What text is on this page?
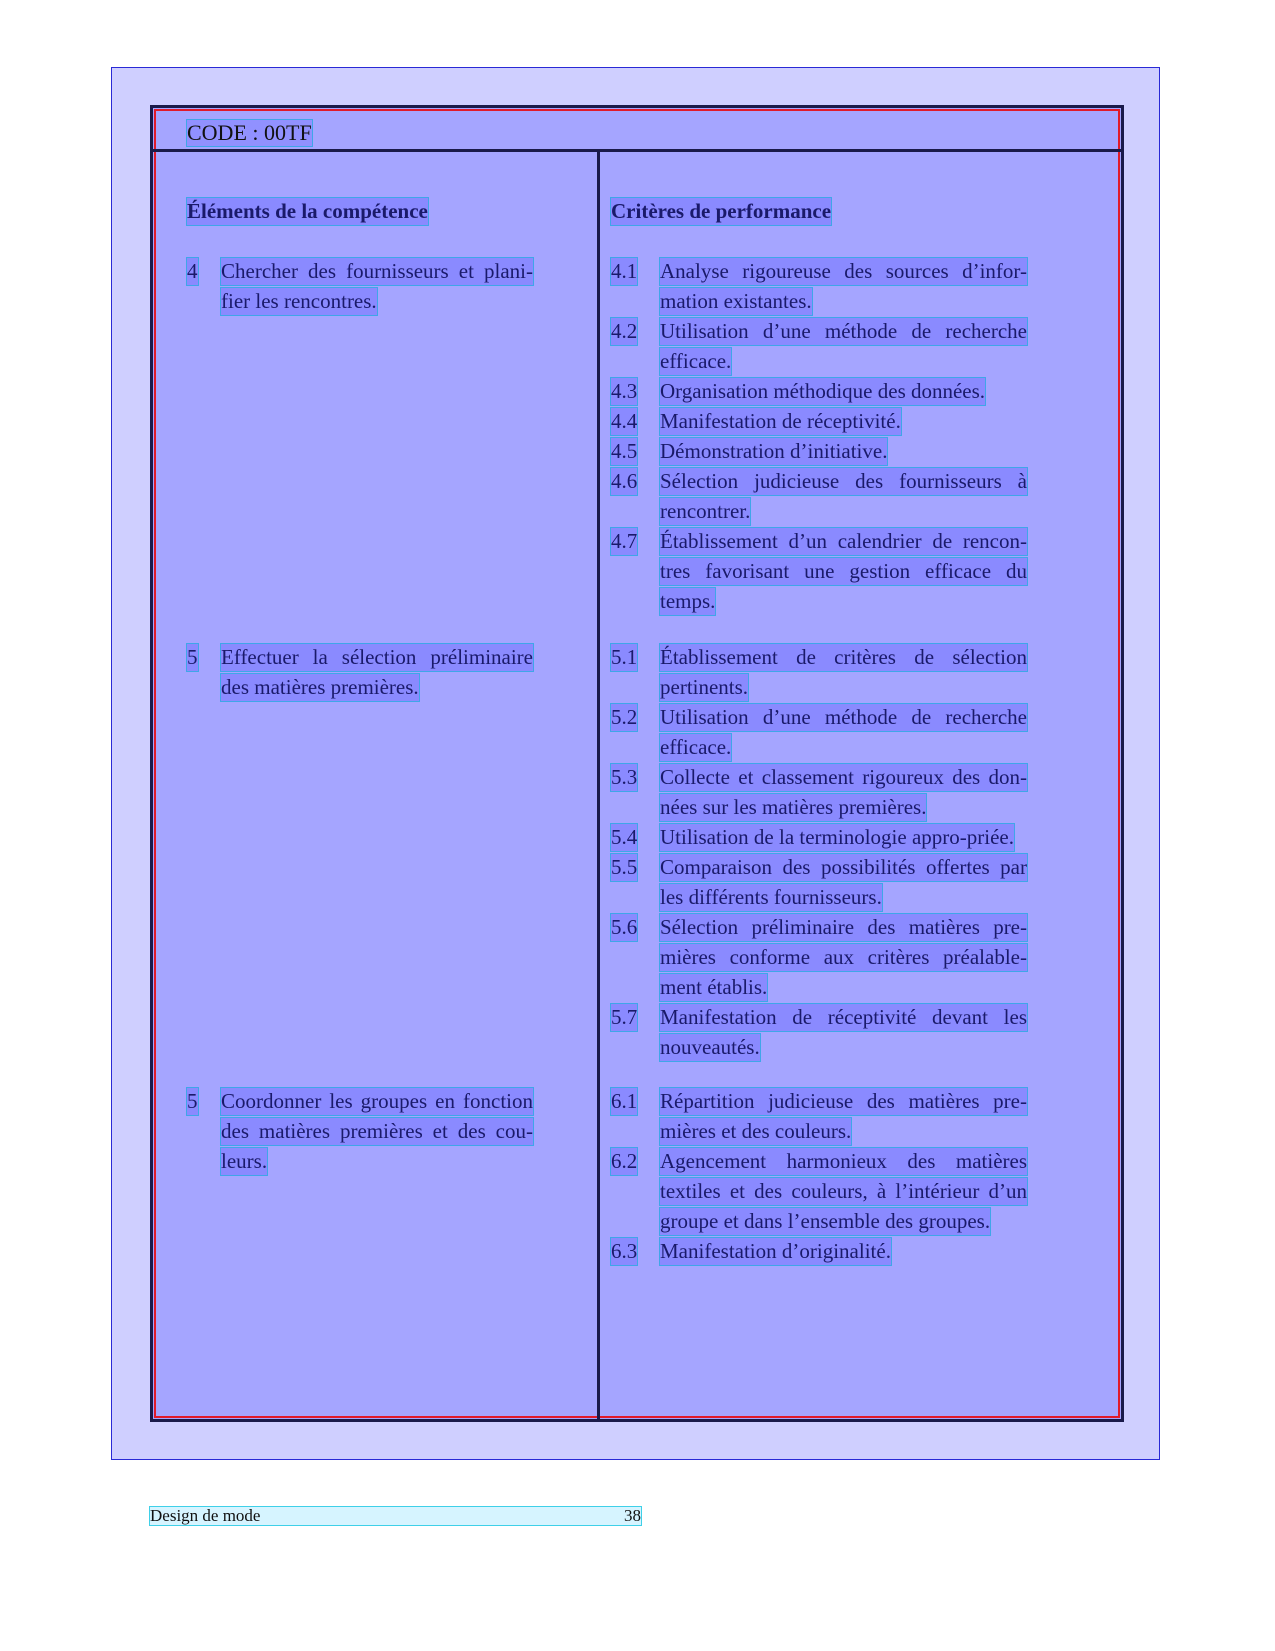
CODE : 00TF
Éléments de la compétence	Critères de performance
4 Chercher des fournisseurs et plani-
fier les rencontres.
4.1 Analyse rigoureuse des sources d’infor-
mation existantes.
4.2 Utilisation d’une méthode de recherche
efficace.
4.3 Organisation méthodique des données.
4.4 Manifestation de réceptivité.
4.5 Démonstration d’initiative.
4.6 Sélection judicieuse des fournisseurs à
rencontrer.
4.7 Établissement d’un calendrier de rencon-
tres favorisant une gestion efficace du
temps.
5 Effectuer la sélection préliminaire
des matières premières.
5.1 Établissement de critères de sélection
pertinents.
5.2 Utilisation d’une méthode de recherche
efficace.
5.3 Collecte et classement rigoureux des don-
nées sur les matières premières.
5.4 Utilisation de la terminologie appro-priée.
5.5 Comparaison des possibilités offertes par
les différents fournisseurs.
5.6 Sélection préliminaire des matières pre-
mières conforme aux critères préalable-
ment établis.
5.7 Manifestation de réceptivité devant les
nouveautés.
5 Coordonner les groupes en fonction
des matières premières et des cou-
leurs.
6.1 Répartition judicieuse des matières pre-
mières et des couleurs.
6.2 Agencement harmonieux des matières
textiles et des couleurs, à l’intérieur d’un
groupe et dans l’ensemble des groupes.
6.3 Manifestation d’originalité.
Design de mode	38
